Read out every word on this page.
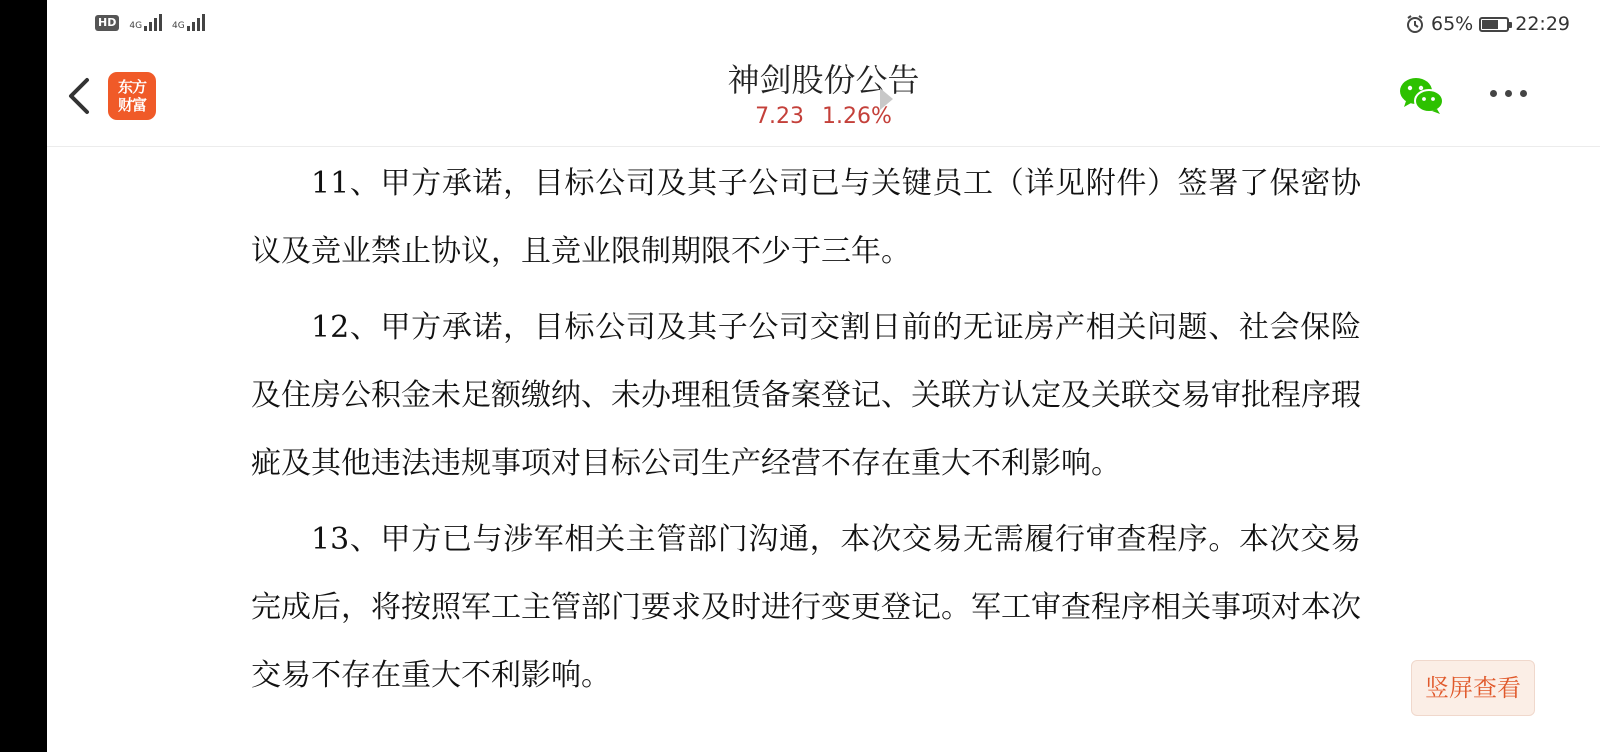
HD	4G	4G	65% 22:29
东方
财富
神剑股份公告
7.23 1.26%

11、甲方承诺，目标公司及其子公司已与关键员工（详见附件）签署了保密协议及竞业禁止协议，且竞业限制期限不少于三年。

12、甲方承诺，目标公司及其子公司交割日前的无证房产相关问题、社会保险及住房公积金未足额缴纳、未办理租赁备案登记、关联方认定及关联交易审批程序瑕疵及其他违法违规事项对目标公司生产经营不存在重大不利影响。

13、甲方已与涉军相关主管部门沟通，本次交易无需履行审查程序。本次交易完成后，将按照军工主管部门要求及时进行变更登记。军工审查程序相关事项对本次交易不存在重大不利影响。	竖屏查看
